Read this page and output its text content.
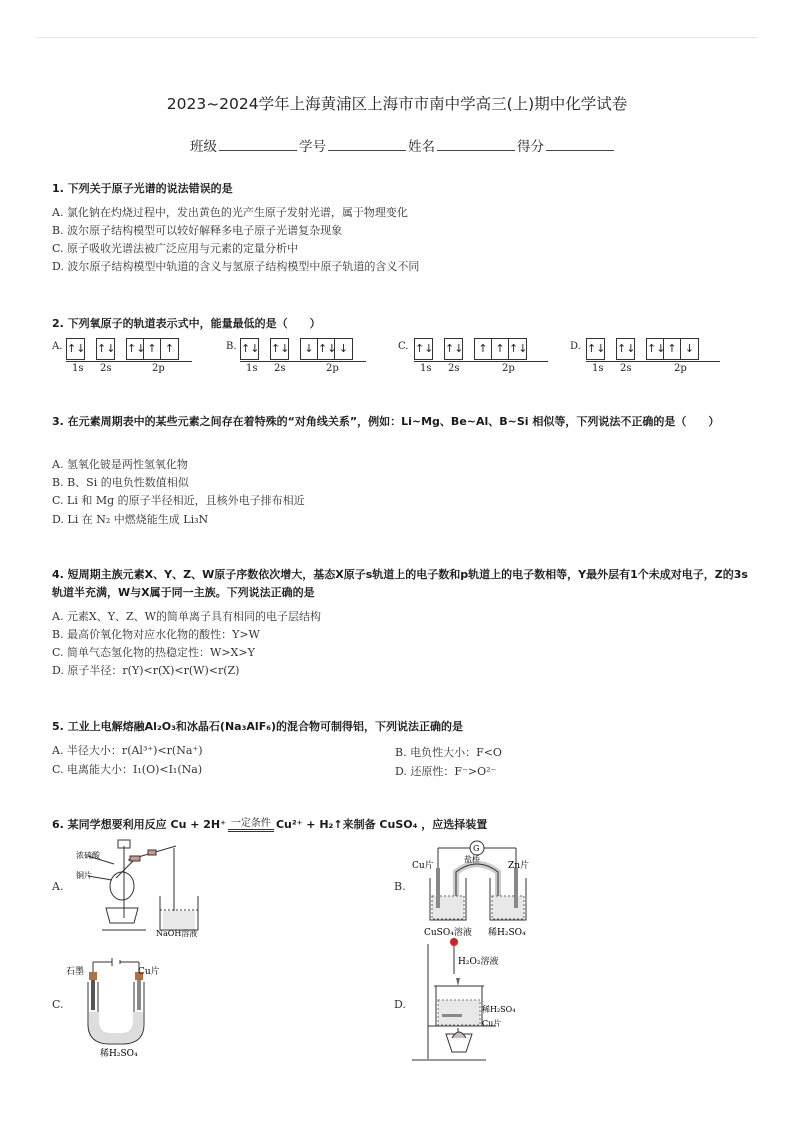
2023~2024学年上海黄浦区上海市市南中学高三(上)期中化学试卷
班级	学号	姓名	得分
1. 下列关于原子光谱的说法错误的是
A. 氯化钠在灼烧过程中，发出黄色的光产生原子发射光谱，属于物理变化
B. 波尔原子结构模型可以较好解释多电子原子光谱复杂现象
C. 原子吸收光谱法被广泛应用与元素的定量分析中
D. 波尔原子结构模型中轨道的含义与氢原子结构模型中原子轨道的含义不同
2. 下列氧原子的轨道表示式中，能量最低的是（　　）
A. ↑↓ ↑↓ ↑↓ ↑ ↑
1s 2s	2p
B. ↑↓ ↑↓	↓ ↑↓ ↓
1s 2s	2p
C. ↑↓ ↑↓	↑ ↑ ↑↓
1s 2s	2p
D. ↑↓ ↑↓ ↑↓ ↑ ↓
1s 2s	2p
3. 在元素周期表中的某些元素之间存在着特殊的“对角线关系”，例如：Li~Mg、Be~Al、B~Si 相似等，下列说法不正确的是（　　）
A. 氢氧化铍是两性氢氧化物
B. B、Si 的电负性数值相似
C. Li 和 Mg 的原子半径相近，且核外电子排布相近
D. Li 在 N₂ 中燃烧能生成 Li₃N
4. 短周期主族元素X、Y、Z、W原子序数依次增大，基态X原子s轨道上的电子数和p轨道上的电子数相等，Y最外层有1个未成对电子，Z的3s轨道半充满，W与X属于同一主族。下列说法正确的是
A. 元素X、Y、Z、W的简单离子具有相同的电子层结构
B. 最高价氧化物对应水化物的酸性：Y>W
C. 简单气态氢化物的热稳定性：W>X>Y
D. 原子半径：r(Y)<r(X)<r(W)<r(Z)
5. 工业上电解熔融Al₂O₃和冰晶石(Na₃AlF₆)的混合物可制得铝，下列说法正确的是
A. 半径大小：r(Al³⁺)<r(Na⁺)	B. 电负性大小：F<O
C. 电离能大小：I₁(O)<I₁(Na)	D. 还原性：F⁻>O²⁻
6. 某同学想要利用反应 Cu + 2H⁺ 一定条件 Cu²⁺ + H₂↑来制备 CuSO₄ ，应选择装置
A.	B.
C.	D.
浓硫酸
铜片
NaOH溶液
Cu片
G
盐桥
Zn片
CuSO₄溶液 稀H₂SO₄
石墨	Cu片
稀H₂SO₄
H₂O₂溶液
稀H₂SO₄
Cu片
